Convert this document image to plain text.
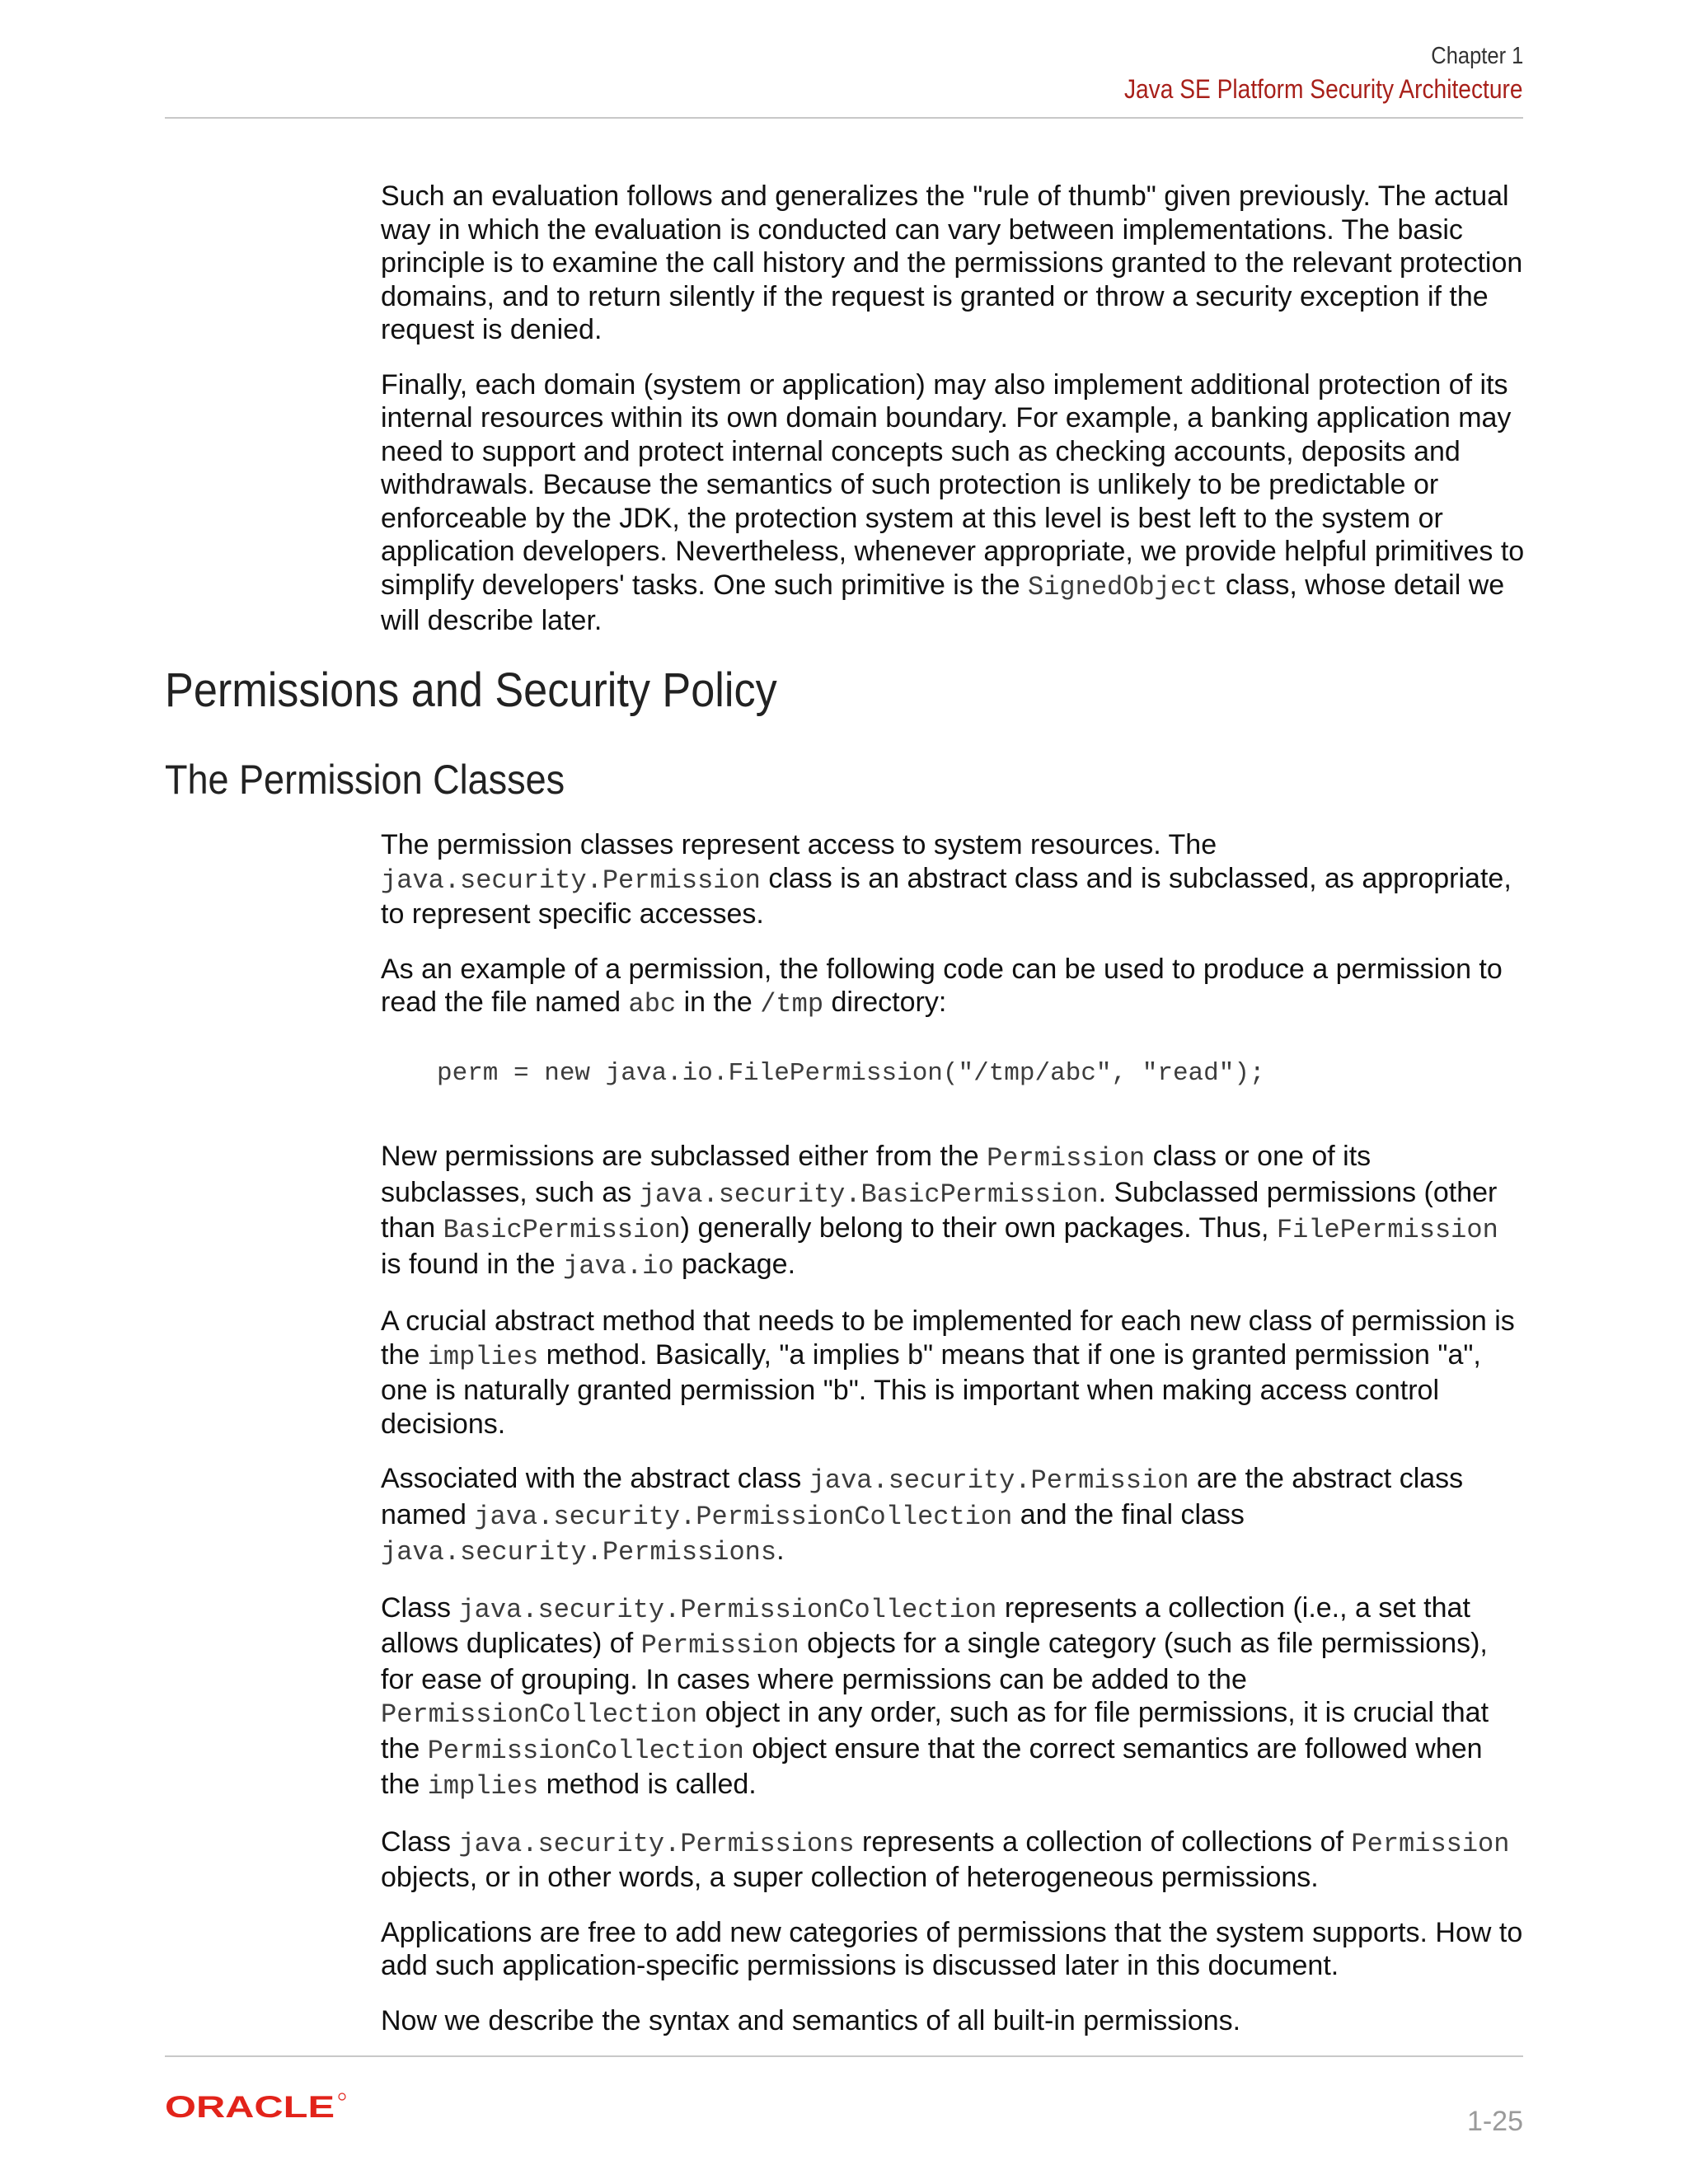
Chapter 1
Java SE Platform Security Architecture

Such an evaluation follows and generalizes the "rule of thumb" given previously. The actual way in which the evaluation is conducted can vary between implementations. The basic principle is to examine the call history and the permissions granted to the relevant protection domains, and to return silently if the request is granted or throw a security exception if the request is denied.

Finally, each domain (system or application) may also implement additional protection of its internal resources within its own domain boundary. For example, a banking application may need to support and protect internal concepts such as checking accounts, deposits and withdrawals. Because the semantics of such protection is unlikely to be predictable or enforceable by the JDK, the protection system at this level is best left to the system or application developers. Nevertheless, whenever appropriate, we provide helpful primitives to simplify developers' tasks. One such primitive is the SignedObject class, whose detail we will describe later.

Permissions and Security Policy
The Permission Classes

The permission classes represent access to system resources. The java.security.Permission class is an abstract class and is subclassed, as appropriate, to represent specific accesses.

As an example of a permission, the following code can be used to produce a permission to read the file named abc in the /tmp directory:

perm = new java.io.FilePermission("/tmp/abc", "read");

New permissions are subclassed either from the Permission class or one of its subclasses, such as java.security.BasicPermission. Subclassed permissions (other than BasicPermission) generally belong to their own packages. Thus, FilePermission is found in the java.io package.

A crucial abstract method that needs to be implemented for each new class of permission is the implies method. Basically, "a implies b" means that if one is granted permission "a", one is naturally granted permission "b". This is important when making access control decisions.

Associated with the abstract class java.security.Permission are the abstract class named java.security.PermissionCollection and the final class java.security.Permissions.

Class java.security.PermissionCollection represents a collection (i.e., a set that allows duplicates) of Permission objects for a single category (such as file permissions), for ease of grouping. In cases where permissions can be added to the PermissionCollection object in any order, such as for file permissions, it is crucial that the PermissionCollection object ensure that the correct semantics are followed when the implies method is called.

Class java.security.Permissions represents a collection of collections of Permission objects, or in other words, a super collection of heterogeneous permissions.

Applications are free to add new categories of permissions that the system supports. How to add such application-specific permissions is discussed later in this document.

Now we describe the syntax and semantics of all built-in permissions.

ORACLE	1-25
